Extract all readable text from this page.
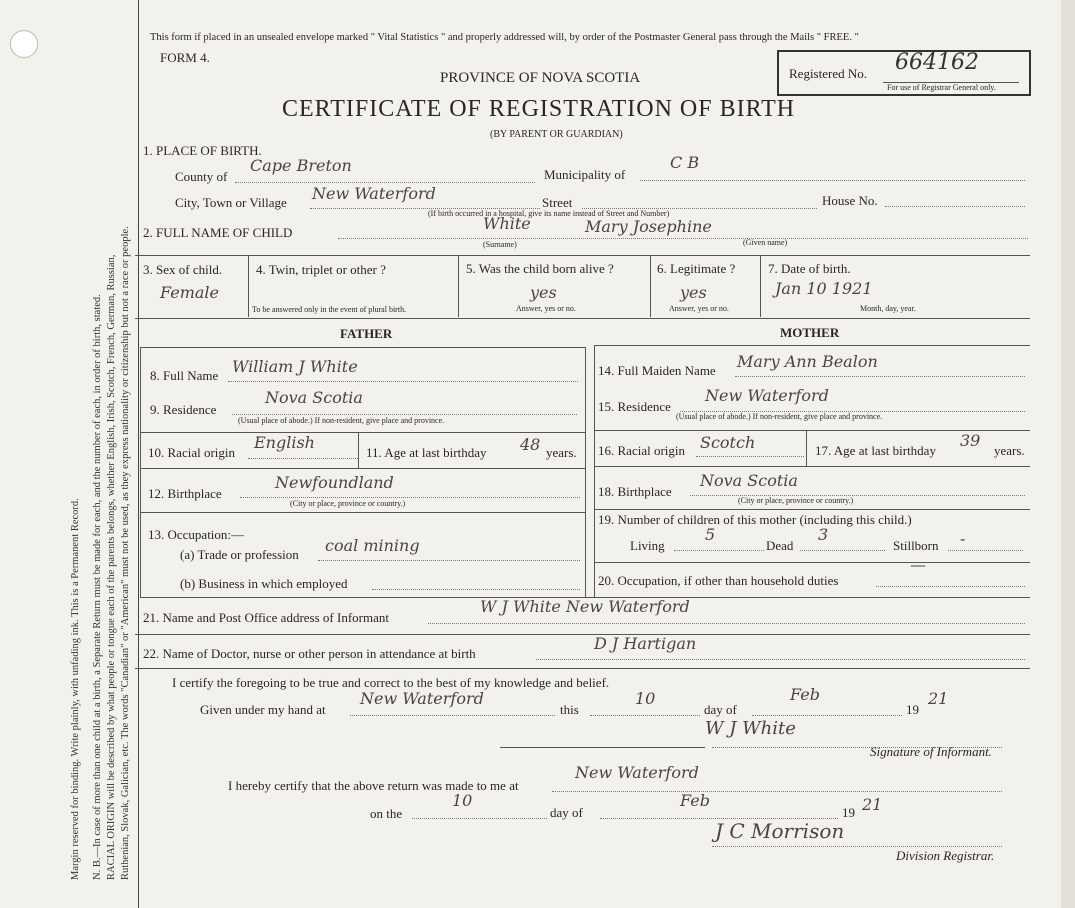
Margin reserved for binding. Write plainly, with unfading ink. This is a Permanent Record. N. B.—In case of more than one child at a birth, a Separate Return must be made for each, and the number of each, in order of birth, stated. RACIAL ORIGIN will be described by what people or tongue each of the parents belongs, whether English, Irish, Scotch, French, German, Russian, Ruthenian, Slovak, Galician, etc. The words "Canadian" or "American" must not be used, as they express nationality or citizenship but not a race or people.
This form if placed in an unsealed envelope marked " Vital Statistics " and properly addressed will, by order of the Postmaster General pass through the Mails " FREE. "
FORM 4.
PROVINCE OF NOVA SCOTIA
CERTIFICATE OF REGISTRATION OF BIRTH
(BY PARENT OR GUARDIAN)
Registered No. 664162
For use of Registrar General only.
1. PLACE OF BIRTH.
County of
Cape Breton	Municipality of
C B
City, Town or Village New Waterford	Street	House No.
(If birth occurred in a hospital, give its name instead of Street and Number)
2. FULL NAME OF CHILD	White	Mary Josephine
(Surname)	(Given name)
3. Sex of child.
Female
4. Twin, triplet or other ?
To be answered only in the event of plural birth.
5. Was the child born alive ?
yes
Answer, yes or no.
6. Legitimate ?
yes
Answer, yes or no.
7. Date of birth.
Jan 10 1921
Month, day, year.
FATHER	MOTHER
8. Full Name William J White
9. Residence
Nova Scotia
(Usual place of abode.) If non-resident, give place and province.
10. Racial origin
English
11. Age at last birthday 48 years.
12. Birthplace
Newfoundland
(City or place, province or country.)
13. Occupation:—
(a) Trade or profession coal mining
(b) Business in which employed
14. Full Maiden Name Mary Ann Bealon
15. Residence
New Waterford
(Usual place of abode.) If non-resident, give place and province.
16. Racial origin Scotch	17. Age at last birthday
39
years.
18. Birthplace
Nova Scotia
(City or place, province or country.)
19. Number of children of this mother (including this child.)
Living
5
Dead
3
Stillborn -
20. Occupation, if other than household duties
—
21. Name and Post Office address of Informant
W J White New Waterford
22. Name of Doctor, nurse or other person in attendance at birth
D J Hartigan
I certify the foregoing to be true and correct to the best of my knowledge and belief.
Given under my hand at
New Waterford
this
10
day of
Feb
19
21
W J White
Signature of Informant.
I hereby certify that the above return was made to me at
New Waterford
on the
10
day of
Feb
19 21
J C Morrison
Division Registrar.
